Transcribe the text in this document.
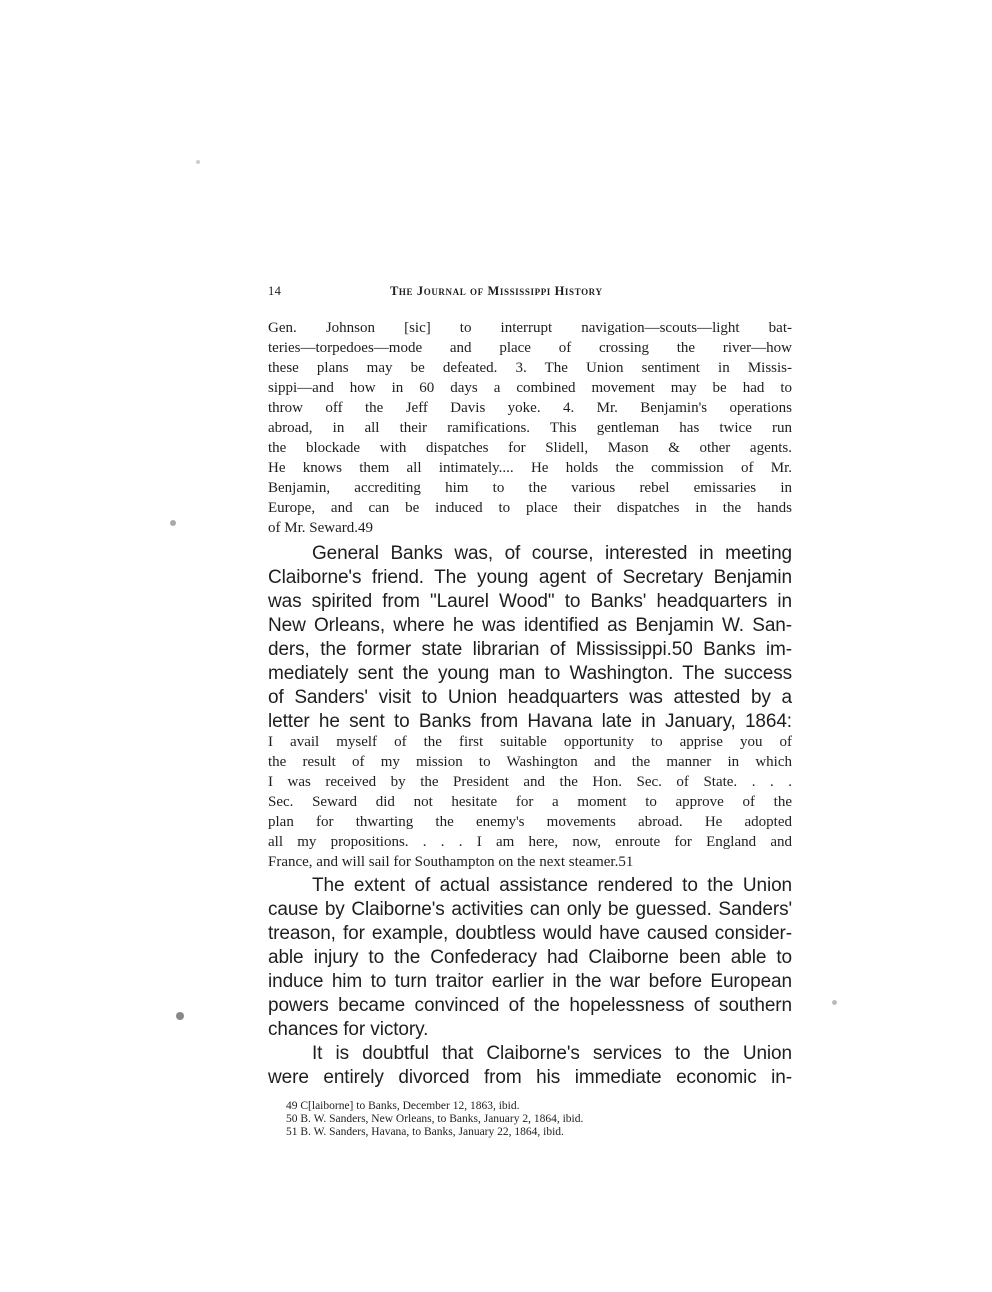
14	The Journal of Mississippi History
Gen. Johnson [sic] to interrupt navigation—scouts—light bat-
teries—torpedoes—mode and place of crossing the river—how
these plans may be defeated. 3. The Union sentiment in Missis-
sippi—and how in 60 days a combined movement may be had to
throw off the Jeff Davis yoke. 4. Mr. Benjamin's operations
abroad, in all their ramifications. This gentleman has twice run
the blockade with dispatches for Slidell, Mason & other agents.
He knows them all intimately.... He holds the commission of Mr.
Benjamin, accrediting him to the various rebel emissaries in
Europe, and can be induced to place their dispatches in the hands
of Mr. Seward.49
General Banks was, of course, interested in meeting
Claiborne's friend. The young agent of Secretary Benjamin
was spirited from "Laurel Wood" to Banks' headquarters in
New Orleans, where he was identified as Benjamin W. San-
ders, the former state librarian of Mississippi.50 Banks im-
mediately sent the young man to Washington. The success
of Sanders' visit to Union headquarters was attested by a
letter he sent to Banks from Havana late in January, 1864:
I avail myself of the first suitable opportunity to apprise you of
the result of my mission to Washington and the manner in which
I was received by the President and the Hon. Sec. of State. . . .
Sec. Seward did not hesitate for a moment to approve of the
plan for thwarting the enemy's movements abroad. He adopted
all my propositions. . . . I am here, now, enroute for England and
France, and will sail for Southampton on the next steamer.51
The extent of actual assistance rendered to the Union
cause by Claiborne's activities can only be guessed. Sanders'
treason, for example, doubtless would have caused consider-
able injury to the Confederacy had Claiborne been able to
induce him to turn traitor earlier in the war before European
powers became convinced of the hopelessness of southern
chances for victory.
It is doubtful that Claiborne's services to the Union
were entirely divorced from his immediate economic in-
49 C[laiborne] to Banks, December 12, 1863, ibid.
50 B. W. Sanders, New Orleans, to Banks, January 2, 1864, ibid.
51 B. W. Sanders, Havana, to Banks, January 22, 1864, ibid.
